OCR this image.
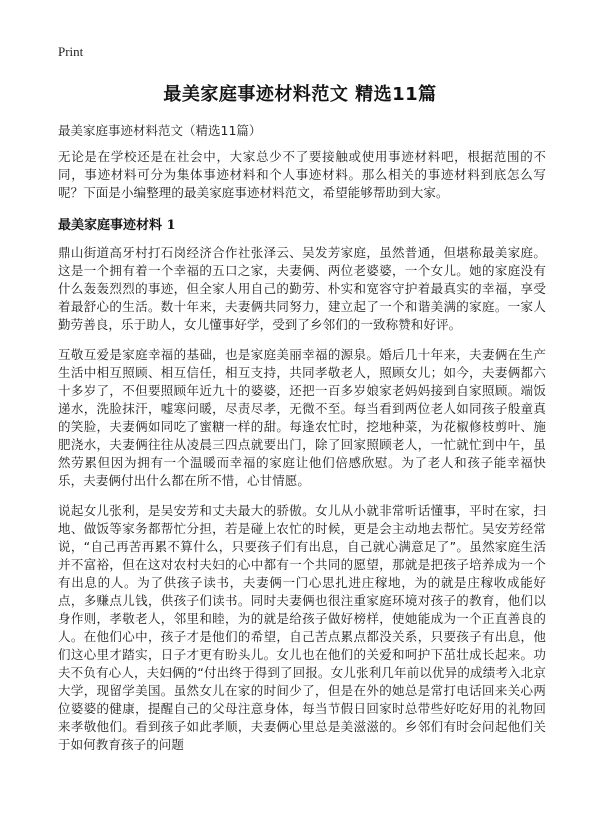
Print
最美家庭事迹材料范文 精选11篇
最美家庭事迹材料范文（精选11篇）

无论是在学校还是在社会中，大家总少不了要接触或使用事迹材料吧，根据范围的不同，事迹材料可分为集体事迹材料和个人事迹材料。那么相关的事迹材料到底怎么写呢？下面是小编整理的最美家庭事迹材料范文，希望能够帮助到大家。

最美家庭事迹材料 1

鼎山街道高牙村打石岗经济合作社张泽云、吴发芳家庭，虽然普通，但堪称最美家庭。这是一个拥有着一个幸福的五口之家，夫妻俩、两位老婆婆，一个女儿。她的家庭没有什么轰轰烈烈的事迹，但全家人用自己的勤劳、朴实和宽容守护着最真实的幸福，享受着最舒心的生活。数十年来，夫妻俩共同努力，建立起了一个和谐美满的家庭。一家人勤劳善良，乐于助人，女儿懂事好学，受到了乡邻们的一致称赞和好评。

互敬互爱是家庭幸福的基础，也是家庭美丽幸福的源泉。婚后几十年来，夫妻俩在生产生活中相互照顾、相互信任，相互支持，共同孝敬老人，照顾女儿；如今，夫妻俩都六十多岁了，不但要照顾年近九十的婆婆，还把一百多岁娘家老妈妈接到自家照顾。端饭递水，洗脸抹汗，嘘寒问暖，尽责尽孝，无微不至。每当看到两位老人如同孩子般童真的笑脸，夫妻俩如同吃了蜜糖一样的甜。每逢农忙时，挖地种菜，为花椒修枝剪叶、施肥浇水，夫妻俩往往从凌晨三四点就要出门，除了回家照顾老人，一忙就忙到中午，虽然劳累但因为拥有一个温暖而幸福的家庭让他们倍感欣慰。为了老人和孩子能幸福快乐，夫妻俩付出什么都在所不惜，心甘情愿。

说起女儿张利，是吴安芳和丈夫最大的骄傲。女儿从小就非常听话懂事，平时在家，扫地、做饭等家务都帮忙分担，若是碰上农忙的时候，更是会主动地去帮忙。吴安芳经常说，“自己再苦再累不算什么，只要孩子们有出息，自己就心满意足了”。虽然家庭生活并不富裕，但在这对农村夫妇的心中都有一个共同的愿望，那就是把孩子培养成为一个有出息的人。为了供孩子读书，夫妻俩一门心思扎进庄稼地，为的就是庄稼收成能好点，多赚点儿钱，供孩子们读书。同时夫妻俩也很注重家庭环境对孩子的教育，他们以身作则，孝敬老人，邻里和睦，为的就是给孩子做好榜样，使她能成为一个正直善良的人。在他们心中，孩子才是他们的希望，自己苦点累点都没关系，只要孩子有出息，他们这心里才踏实，日子才更有盼头儿。女儿也在他们的关爱和呵护下茁壮成长起来。功夫不负有心人，夫妇俩的“付出终于得到了回报。女儿张利几年前以优异的成绩考入北京大学，现留学美国。虽然女儿在家的时间少了，但是在外的她总是常打电话回来关心两位婆婆的健康，提醒自己的父母注意身体，每当节假日回家时总带些好吃好用的礼物回来孝敬他们。看到孩子如此孝顺，夫妻俩心里总是美滋滋的。乡邻们有时会问起他们关于如何教育孩子的问题
